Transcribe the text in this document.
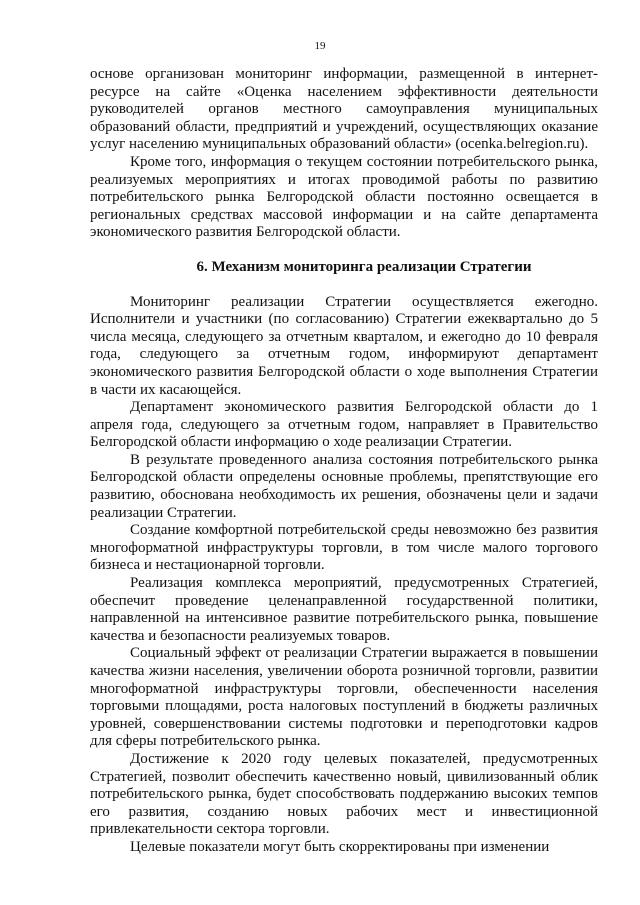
19

основе организован мониторинг информации, размещенной в интернет-ресурсе на сайте «Оценка населением эффективности деятельности руководителей органов местного самоуправления муниципальных образований области, предприятий и учреждений, осуществляющих оказание услуг населению муниципальных образований области» (ocenka.belregion.ru).

Кроме того, информация о текущем состоянии потребительского рынка, реализуемых мероприятиях и итогах проводимой работы по развитию потребительского рынка Белгородской области постоянно освещается в региональных средствах массовой информации и на сайте департамента экономического развития Белгородской области.

6. Механизм мониторинга реализации Стратегии

Мониторинг реализации Стратегии осуществляется ежегодно. Исполнители и участники (по согласованию) Стратегии ежеквартально до 5 числа месяца, следующего за отчетным кварталом, и ежегодно до 10 февраля года, следующего за отчетным годом, информируют департамент экономического развития Белгородской области о ходе выполнения Стратегии в части их касающейся.

Департамент экономического развития Белгородской области до 1 апреля года, следующего за отчетным годом, направляет в Правительство Белгородской области информацию о ходе реализации Стратегии.

В результате проведенного анализа состояния потребительского рынка Белгородской области определены основные проблемы, препятствующие его развитию, обоснована необходимость их решения, обозначены цели и задачи реализации Стратегии.

Создание комфортной потребительской среды невозможно без развития многоформатной инфраструктуры торговли, в том числе малого торгового бизнеса и нестационарной торговли.

Реализация комплекса мероприятий, предусмотренных Стратегией, обеспечит проведение целенаправленной государственной политики, направленной на интенсивное развитие потребительского рынка, повышение качества и безопасности реализуемых товаров.

Социальный эффект от реализации Стратегии выражается в повышении качества жизни населения, увеличении оборота розничной торговли, развитии многоформатной инфраструктуры торговли, обеспеченности населения торговыми площадями, роста налоговых поступлений в бюджеты различных уровней, совершенствовании системы подготовки и переподготовки кадров для сферы потребительского рынка.

Достижение к 2020 году целевых показателей, предусмотренных Стратегией, позволит обеспечить качественно новый, цивилизованный облик потребительского рынка, будет способствовать поддержанию высоких темпов его развития, созданию новых рабочих мест и инвестиционной привлекательности сектора торговли.

Целевые показатели могут быть скорректированы при изменении
